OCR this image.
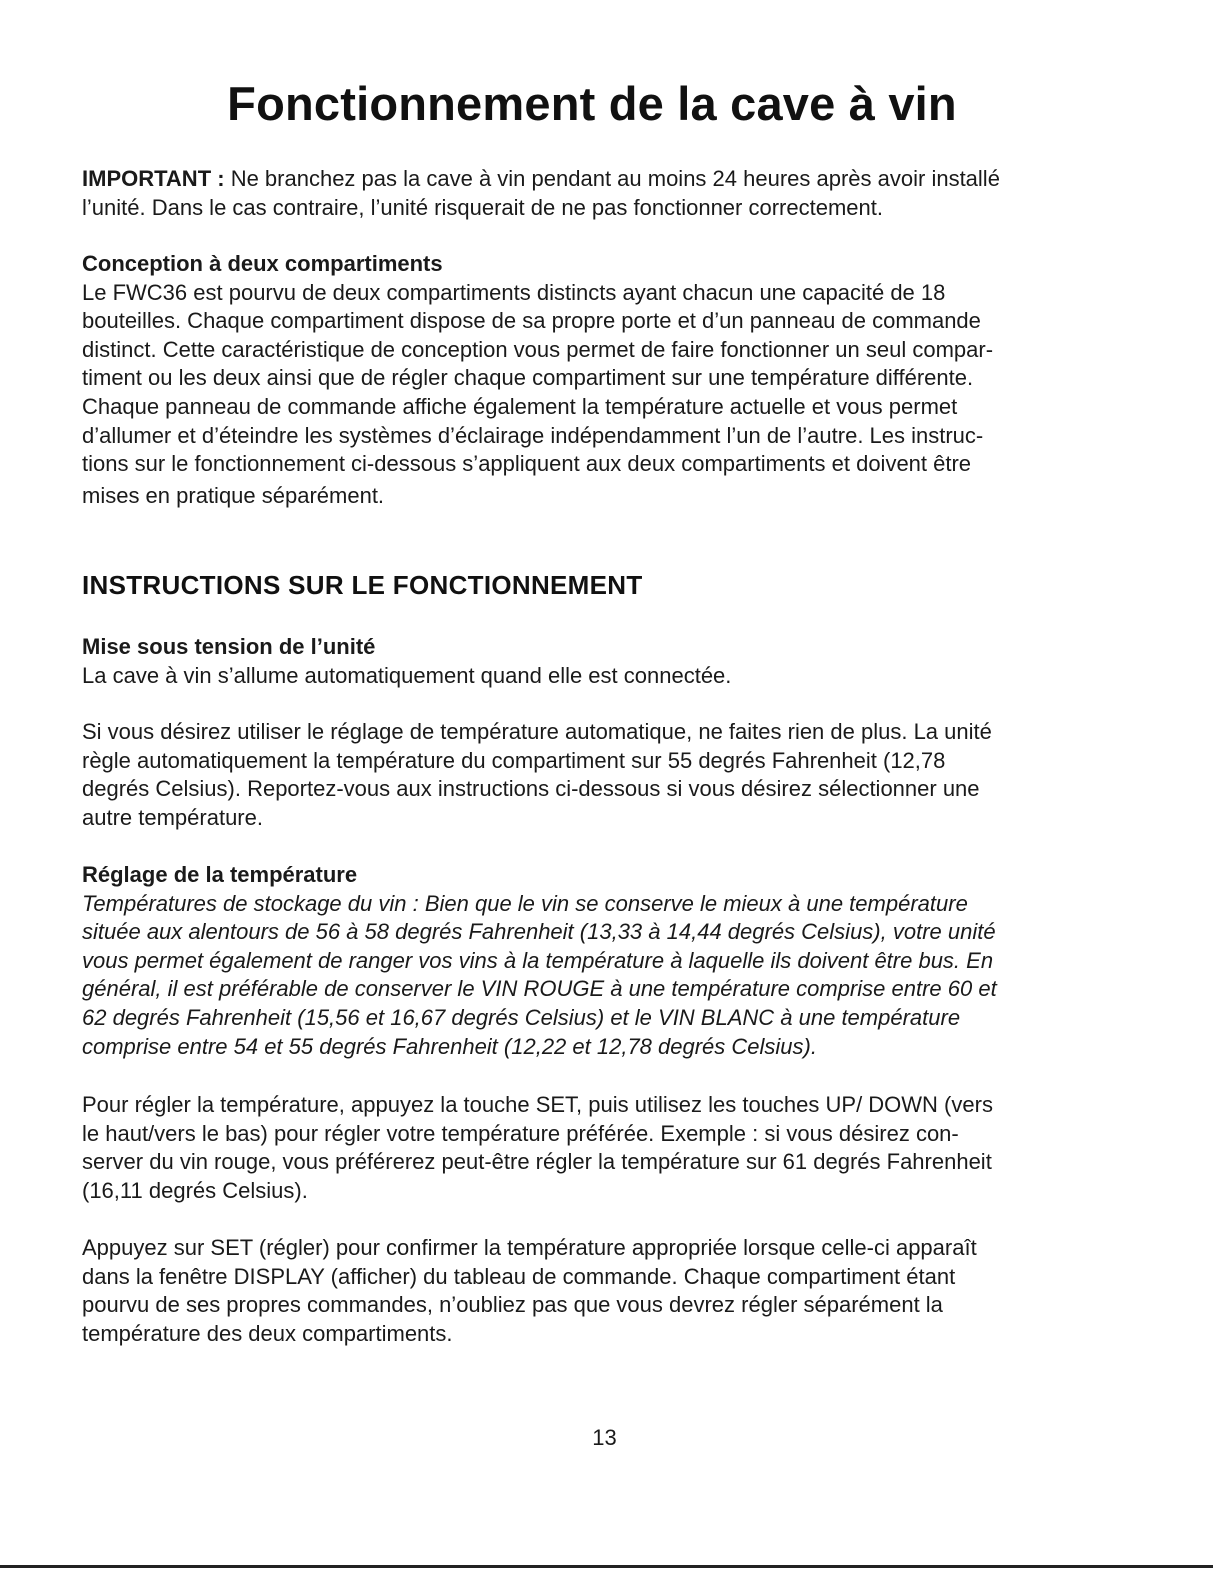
Fonctionnement de la cave à vin
IMPORTANT : Ne branchez pas la cave à vin pendant au moins 24 heures après avoir installé
l’unité. Dans le cas contraire, l’unité risquerait de ne pas fonctionner correctement.
Conception à deux compartiments
Le FWC36 est pourvu de deux compartiments distincts ayant chacun une capacité de 18
bouteilles. Chaque compartiment dispose de sa propre porte et d’un panneau de commande
distinct. Cette caractéristique de conception vous permet de faire fonctionner un seul compar-
timent ou les deux ainsi que de régler chaque compartiment sur une température différente.
Chaque panneau de commande affiche également la température actuelle et vous permet
d’allumer et d’éteindre les systèmes d’éclairage indépendamment l’un de l’autre. Les instruc-
tions sur le fonctionnement ci-dessous s’appliquent aux deux compartiments et doivent être
mises en pratique séparément.
INSTRUCTIONS SUR LE FONCTIONNEMENT
Mise sous tension de l’unité
La cave à vin s’allume automatiquement quand elle est connectée.
Si vous désirez utiliser le réglage de température automatique, ne faites rien de plus. La unité
règle automatiquement la température du compartiment sur 55 degrés Fahrenheit (12,78
degrés Celsius). Reportez-vous aux instructions ci-dessous si vous désirez sélectionner une
autre température.
Réglage de la température
Températures de stockage du vin : Bien que le vin se conserve le mieux à une température
située aux alentours de 56 à 58 degrés Fahrenheit (13,33 à 14,44 degrés Celsius), votre unité
vous permet également de ranger vos vins à la température à laquelle ils doivent être bus. En
général, il est préférable de conserver le VIN ROUGE à une température comprise entre 60 et
62 degrés Fahrenheit (15,56 et 16,67 degrés Celsius) et le VIN BLANC à une température
comprise entre 54 et 55 degrés Fahrenheit (12,22 et 12,78 degrés Celsius).
Pour régler la température, appuyez la touche SET, puis utilisez les touches UP/ DOWN (vers
le haut/vers le bas) pour régler votre température préférée. Exemple : si vous désirez con-
server du vin rouge, vous préférerez peut-être régler la température sur 61 degrés Fahrenheit
(16,11 degrés Celsius).
Appuyez sur SET (régler) pour confirmer la température appropriée lorsque celle-ci apparaît
dans la fenêtre DISPLAY (afficher) du tableau de commande. Chaque compartiment étant
pourvu de ses propres commandes, n’oubliez pas que vous devrez régler séparément la
température des deux compartiments.
13
